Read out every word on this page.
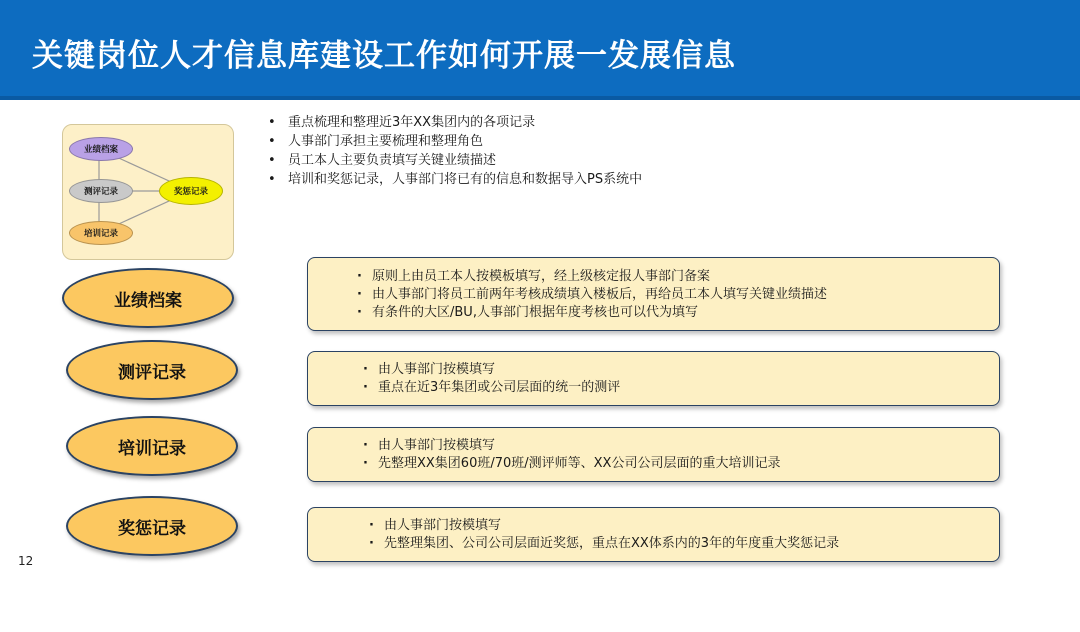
关键岗位人才信息库建设工作如何开展一发展信息
业绩档案
测评记录
培训记录
奖惩记录
• 重点梳理和整理近3年XX集团内的各项记录
• 人事部门承担主要梳理和整理角色
• 员工本人主要负责填写关键业绩描述
• 培训和奖惩记录，人事部门将已有的信息和数据导入PS系统中
业绩档案
· 原则上由员工本人按模板填写，经上级核定报人事部门备案
· 由人事部门将员工前两年考核成绩填入楼板后，再给员工本人填写关键业绩描述
· 有条件的大区/BU,人事部门根据年度考核也可以代为填写
测评记录	· 由人事部门按模填写
· 重点在近3年集团或公司层面的统一的测评
培训记录	· 由人事部门按模填写
· 先整理XX集团60班/70班/测评师等、XX公司公司层面的重大培训记录
奖惩记录	· 由人事部门按模填写
· 先整理集团、公司公司层面近奖惩，重点在XX体系内的3年的年度重大奖惩记录
12
